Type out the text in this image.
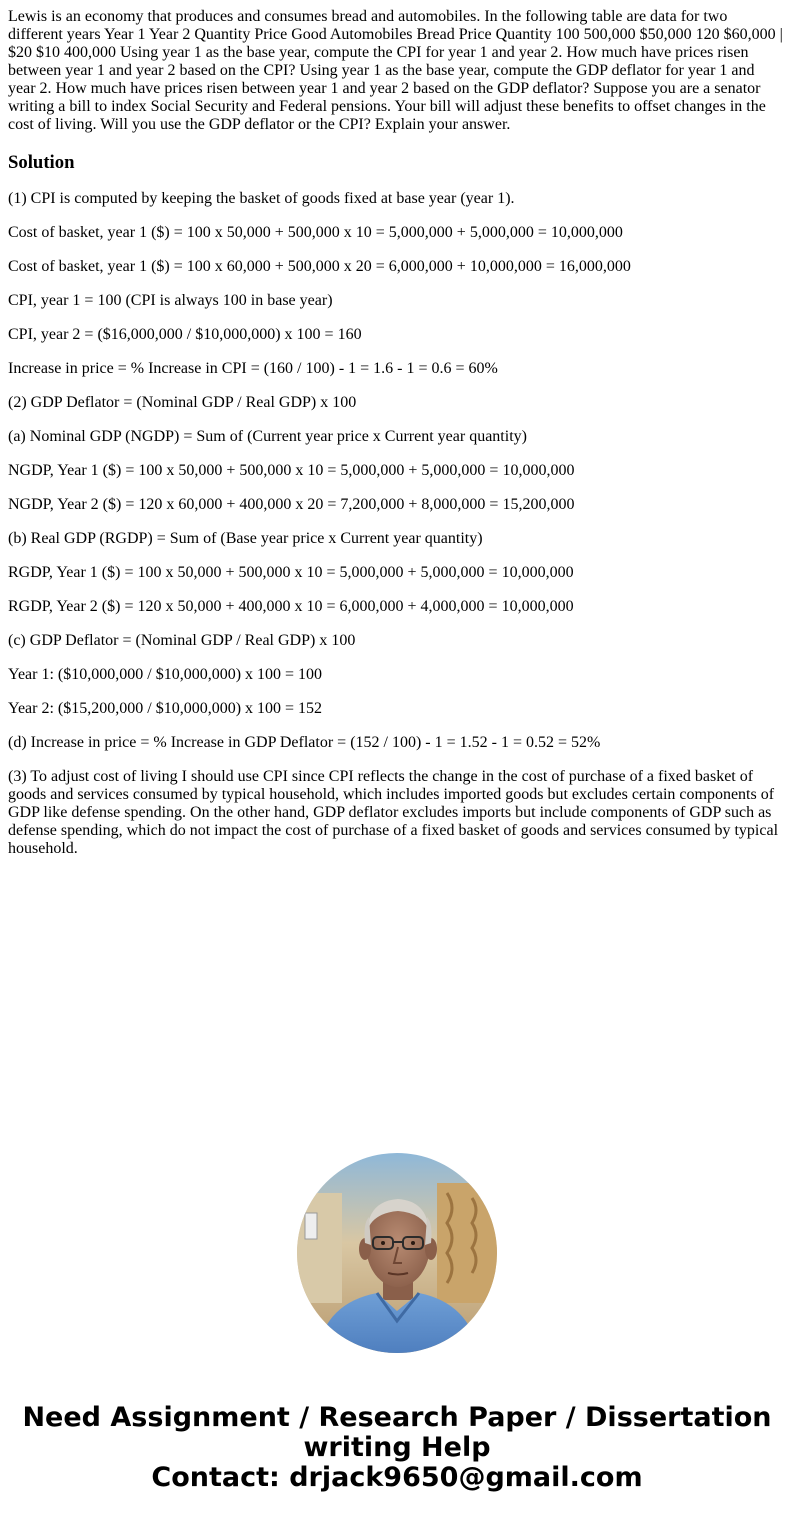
Lewis is an economy that produces and consumes bread and automobiles. In the following table are data for two different years Year 1 Year 2 Quantity Price Good Automobiles Bread Price Quantity 100 500,000 $50,000 120 $60,000 | $20 $10 400,000 Using year 1 as the base year, compute the CPI for year 1 and year 2. How much have prices risen between year 1 and year 2 based on the CPI? Using year 1 as the base year, compute the GDP deflator for year 1 and year 2. How much have prices risen between year 1 and year 2 based on the GDP deflator? Suppose you are a senator writing a bill to index Social Security and Federal pensions. Your bill will adjust these benefits to offset changes in the cost of living. Will you use the GDP deflator or the CPI? Explain your answer.
Solution

(1) CPI is computed by keeping the basket of goods fixed at base year (year 1).

Cost of basket, year 1 ($) = 100 x 50,000 + 500,000 x 10 = 5,000,000 + 5,000,000 = 10,000,000

Cost of basket, year 1 ($) = 100 x 60,000 + 500,000 x 20 = 6,000,000 + 10,000,000 = 16,000,000

CPI, year 1 = 100 (CPI is always 100 in base year)

CPI, year 2 = ($16,000,000 / $10,000,000) x 100 = 160

Increase in price = % Increase in CPI = (160 / 100) - 1 = 1.6 - 1 = 0.6 = 60%

(2) GDP Deflator = (Nominal GDP / Real GDP) x 100

(a) Nominal GDP (NGDP) = Sum of (Current year price x Current year quantity)

NGDP, Year 1 ($) = 100 x 50,000 + 500,000 x 10 = 5,000,000 + 5,000,000 = 10,000,000

NGDP, Year 2 ($) = 120 x 60,000 + 400,000 x 20 = 7,200,000 + 8,000,000 = 15,200,000

(b) Real GDP (RGDP) = Sum of (Base year price x Current year quantity)

RGDP, Year 1 ($) = 100 x 50,000 + 500,000 x 10 = 5,000,000 + 5,000,000 = 10,000,000

RGDP, Year 2 ($) = 120 x 50,000 + 400,000 x 10 = 6,000,000 + 4,000,000 = 10,000,000

(c) GDP Deflator = (Nominal GDP / Real GDP) x 100

Year 1: ($10,000,000 / $10,000,000) x 100 = 100

Year 2: ($15,200,000 / $10,000,000) x 100 = 152

(d) Increase in price = % Increase in GDP Deflator = (152 / 100) - 1 = 1.52 - 1 = 0.52 = 52%

(3) To adjust cost of living I should use CPI since CPI reflects the change in the cost of purchase of a fixed basket of goods and services consumed by typical household, which includes imported goods but excludes certain components of GDP like defense spending. On the other hand, GDP deflator excludes imports but include components of GDP such as defense spending, which do not impact the cost of purchase of a fixed basket of goods and services consumed by typical household.

Need Assignment / Research Paper / Dissertation
writing Help
Contact: drjack9650@gmail.com
